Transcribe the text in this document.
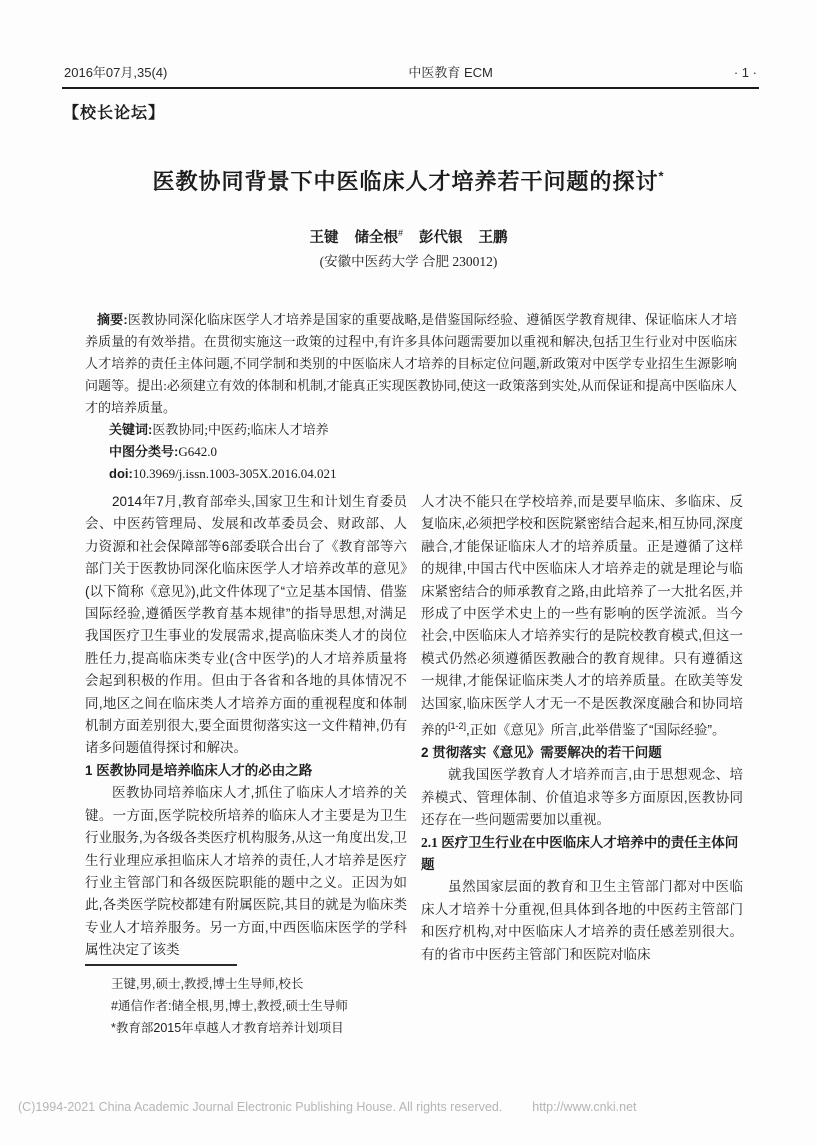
2016年07月,35(4)	中医教育 ECM	· 1 ·
【校长论坛】
医教协同背景下中医临床人才培养若干问题的探讨*
王键 储全根# 彭代银 王鹏
(安徽中医药大学 合肥 230012)

摘要:医教协同深化临床医学人才培养是国家的重要战略,是借鉴国际经验、遵循医学教育规律、保证临床人才培养质量的有效举措。在贯彻实施这一政策的过程中,有许多具体问题需要加以重视和解决,包括卫生行业对中医临床人才培养的责任主体问题,不同学制和类别的中医临床人才培养的目标定位问题,新政策对中医学专业招生生源影响问题等。提出:必须建立有效的体制和机制,才能真正实现医教协同,使这一政策落到实处,从而保证和提高中医临床人才的培养质量。

关键词:医教协同;中医药;临床人才培养

中图分类号:G642.0

doi:10.3969/j.issn.1003-305X.2016.04.021

2014年7月,教育部牵头,国家卫生和计划生育委员会、中医药管理局、发展和改革委员会、财政部、人力资源和社会保障部等6部委联合出台了《教育部等六部门关于医教协同深化临床医学人才培养改革的意见》(以下简称《意见》),此文件体现了“立足基本国情、借鉴国际经验,遵循医学教育基本规律”的指导思想,对满足我国医疗卫生事业的发展需求,提高临床类人才的岗位胜任力,提高临床类专业(含中医学)的人才培养质量将会起到积极的作用。但由于各省和各地的具体情况不同,地区之间在临床类人才培养方面的重视程度和体制机制方面差别很大,要全面贯彻落实这一文件精神,仍有诸多问题值得探讨和解决。

1 医教协同是培养临床人才的必由之路

医教协同培养临床人才,抓住了临床人才培养的关键。一方面,医学院校所培养的临床人才主要是为卫生行业服务,为各级各类医疗机构服务,从这一角度出发,卫生行业理应承担临床人才培养的责任,人才培养是医疗行业主管部门和各级医院职能的题中之义。正因为如此,各类医学院校都建有附属医院,其目的就是为临床类专业人才培养服务。另一方面,中西医临床医学的学科属性决定了该类

人才决不能只在学校培养,而是要早临床、多临床、反复临床,必须把学校和医院紧密结合起来,相互协同,深度融合,才能保证临床人才的培养质量。正是遵循了这样的规律,中国古代中医临床人才培养走的就是理论与临床紧密结合的师承教育之路,由此培养了一大批名医,并形成了中医学术史上的一些有影响的医学流派。当今社会,中医临床人才培养实行的是院校教育模式,但这一模式仍然必须遵循医教融合的教育规律。只有遵循这一规律,才能保证临床类人才的培养质量。在欧美等发达国家,临床医学人才无一不是医教深度融合和协同培养的[1-2],正如《意见》所言,此举借鉴了“国际经验”。

2 贯彻落实《意见》需要解决的若干问题

就我国医学教育人才培养而言,由于思想观念、培养模式、管理体制、价值追求等多方面原因,医教协同还存在一些问题需要加以重视。

2.1 医疗卫生行业在中医临床人才培养中的责任主体问题

虽然国家层面的教育和卫生主管部门都对中医临床人才培养十分重视,但具体到各地的中医药主管部门和医疗机构,对中医临床人才培养的责任感差别很大。有的省市中医药主管部门和医院对临床

王键,男,硕士,教授,博士生导师,校长

#通信作者:储全根,男,博士,教授,硕士生导师

*教育部2015年卓越人才教育培养计划项目

(C)1994-2021 China Academic Journal Electronic Publishing House. All rights reserved. http://www.cnki.net
